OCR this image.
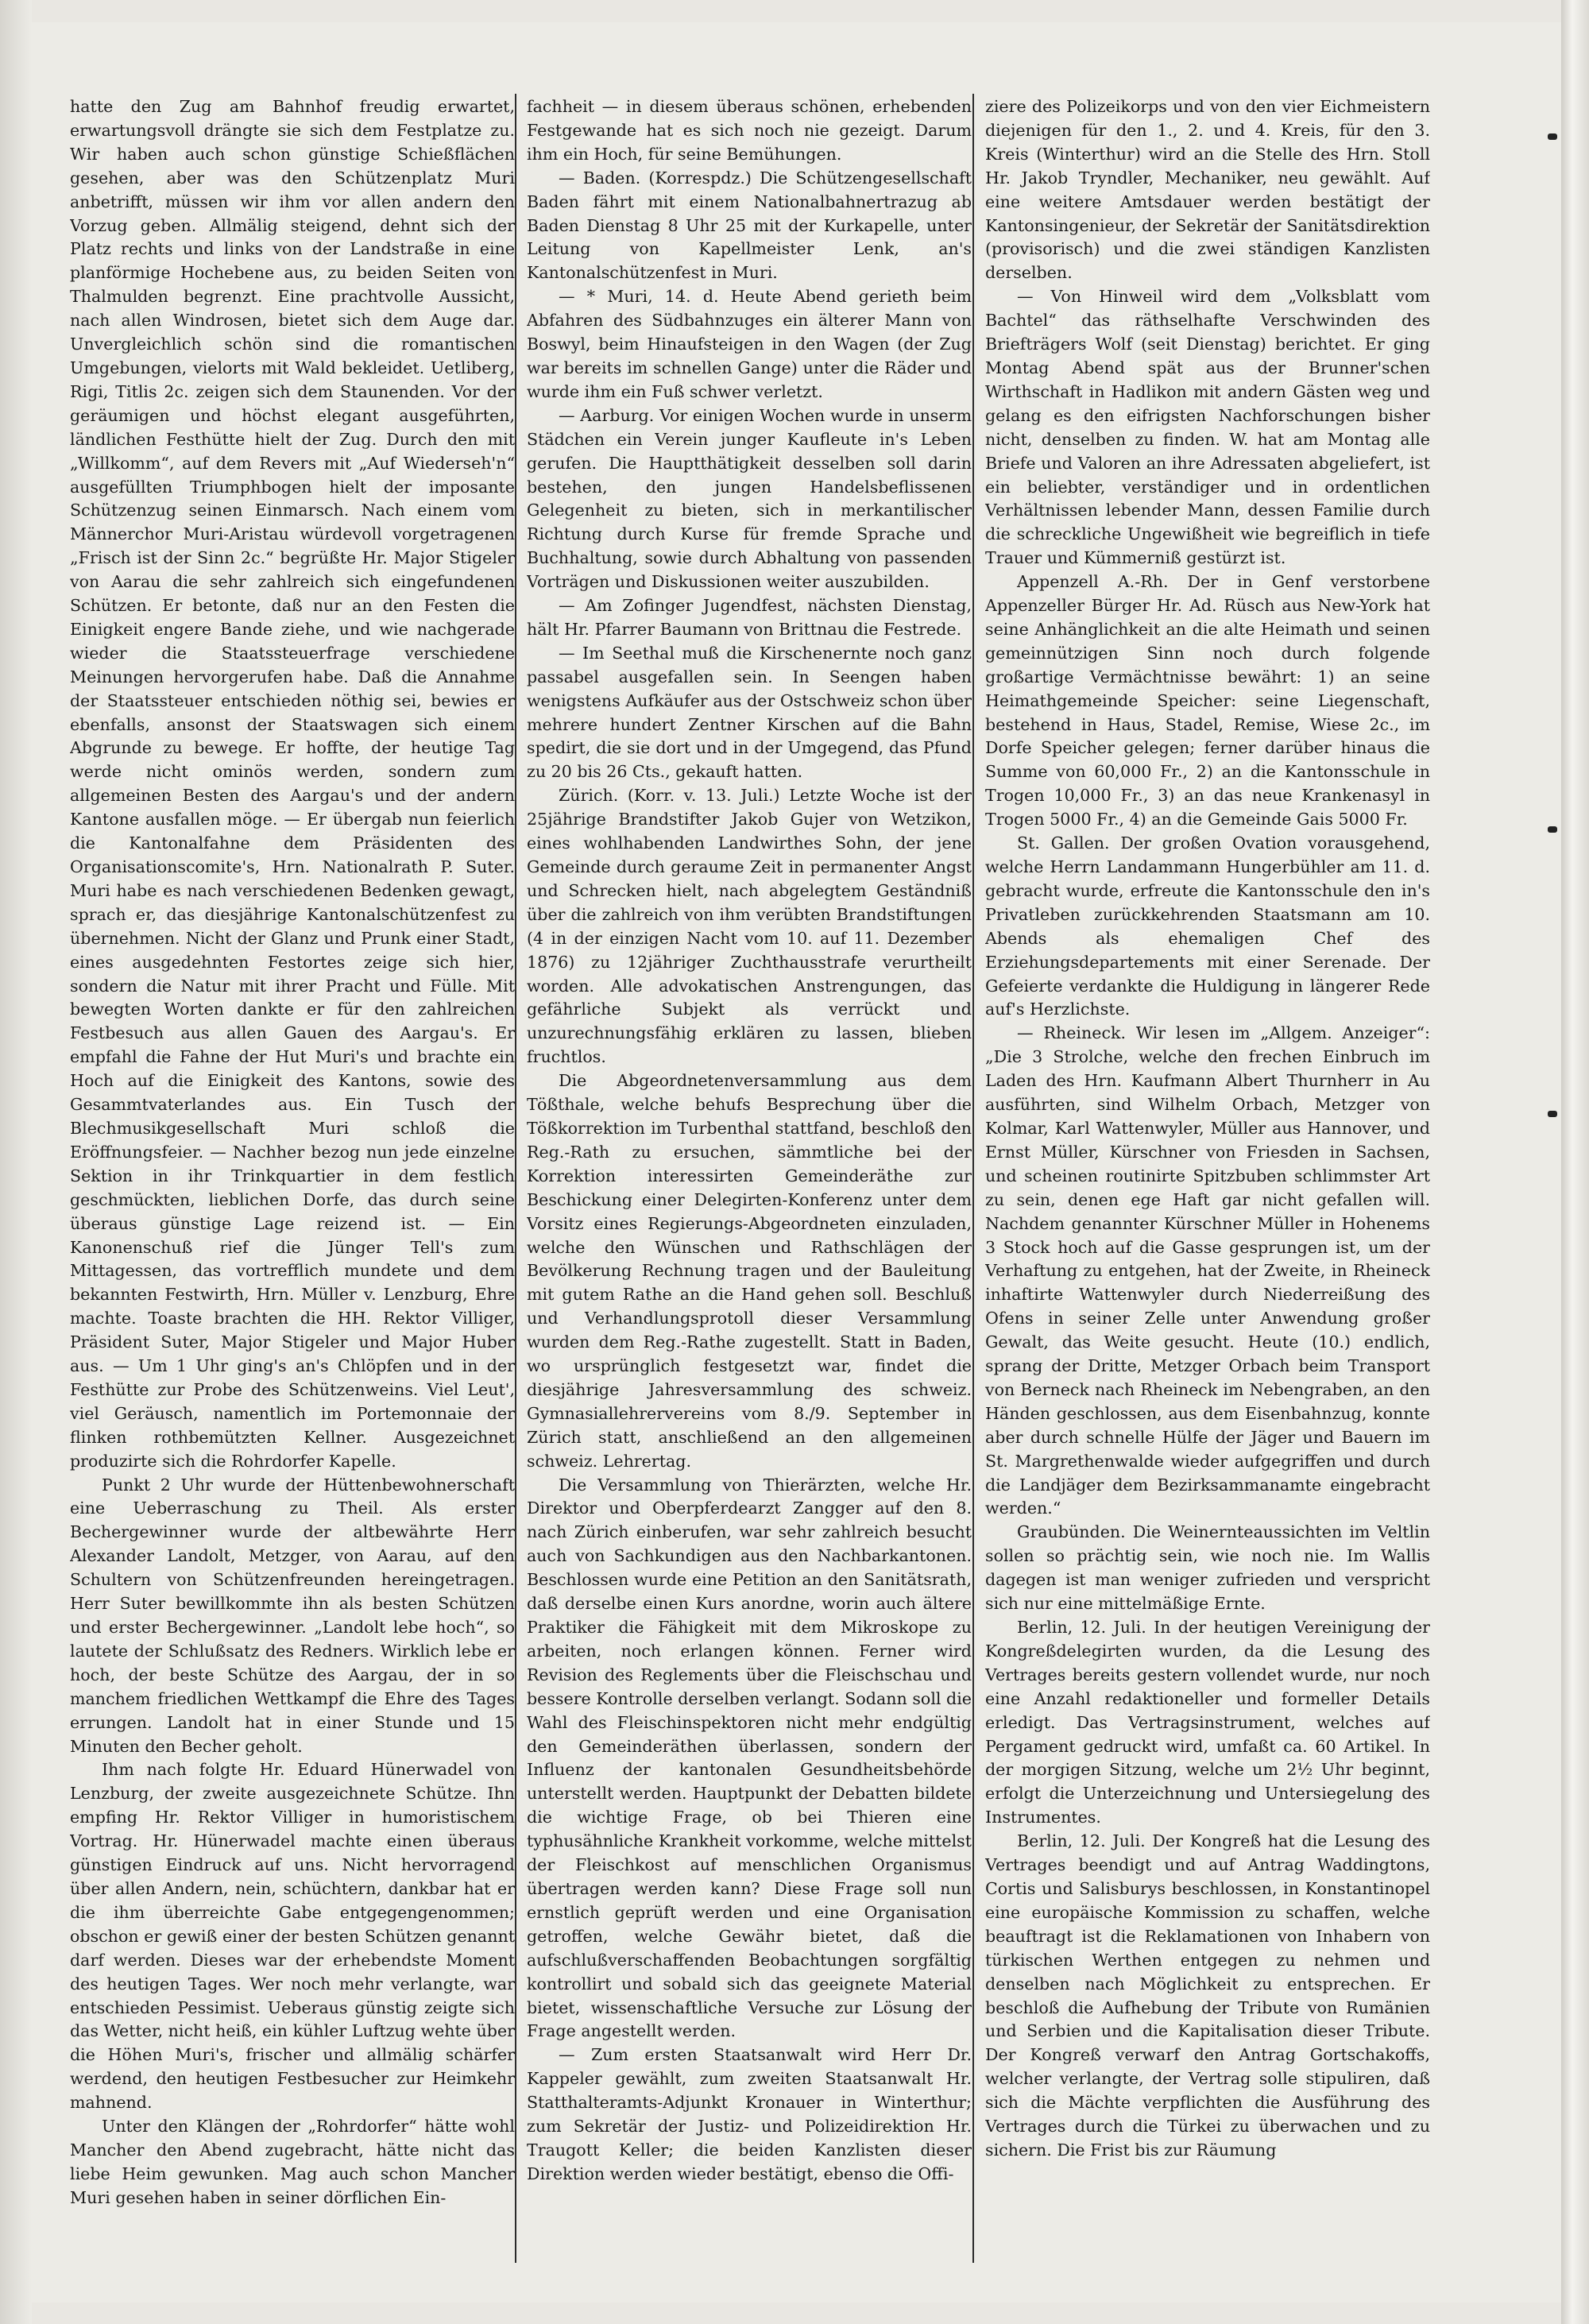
hatte den Zug am Bahnhof freudig erwartet, erwartungsvoll drängte sie sich dem Festplatze zu. Wir haben auch schon günstige Schießflächen gesehen, aber was den Schützenplatz Muri anbetrifft, müssen wir ihm vor allen andern den Vorzug geben. Allmälig steigend, dehnt sich der Platz rechts und links von der Landstraße in eine planförmige Hochebene aus, zu beiden Seiten von Thalmulden begrenzt. Eine prachtvolle Aussicht, nach allen Windrosen, bietet sich dem Auge dar. Unvergleichlich schön sind die romantischen Umgebungen, vielorts mit Wald bekleidet. Uetliberg, Rigi, Titlis 2c. zeigen sich dem Staunenden. Vor der geräumigen und höchst elegant ausgeführten, ländlichen Festhütte hielt der Zug. Durch den mit „Willkomm“, auf dem Revers mit „Auf Wiederseh'n“ ausgefüllten Triumphbogen hielt der imposante Schützenzug seinen Einmarsch. Nach einem vom Männerchor Muri-Aristau würdevoll vorgetragenen „Frisch ist der Sinn 2c.“ begrüßte Hr. Major Stigeler von Aarau die sehr zahlreich sich eingefundenen Schützen. Er betonte, daß nur an den Festen die Einigkeit engere Bande ziehe, und wie nachgerade wieder die Staatssteuerfrage verschiedene Meinungen hervorgerufen habe. Daß die Annahme der Staatssteuer entschieden nöthig sei, bewies er ebenfalls, ansonst der Staatswagen sich einem Abgrunde zu bewege. Er hoffte, der heutige Tag werde nicht ominös werden, sondern zum allgemeinen Besten des Aargau's und der andern Kantone ausfallen möge. — Er übergab nun feierlich die Kantonalfahne dem Präsidenten des Organisationscomite's, Hrn. Nationalrath P. Suter. Muri habe es nach verschiedenen Bedenken gewagt, sprach er, das diesjährige Kantonalschützenfest zu übernehmen. Nicht der Glanz und Prunk einer Stadt, eines ausgedehnten Festortes zeige sich hier, sondern die Natur mit ihrer Pracht und Fülle. Mit bewegten Worten dankte er für den zahlreichen Festbesuch aus allen Gauen des Aargau's. Er empfahl die Fahne der Hut Muri's und brachte ein Hoch auf die Einigkeit des Kantons, sowie des Gesammtvaterlandes aus. Ein Tusch der Blechmusikgesellschaft Muri schloß die Eröffnungsfeier. — Nachher bezog nun jede einzelne Sektion in ihr Trinkquartier in dem festlich geschmückten, lieblichen Dorfe, das durch seine überaus günstige Lage reizend ist. — Ein Kanonenschuß rief die Jünger Tell's zum Mittagessen, das vortrefflich mundete und dem bekannten Festwirth, Hrn. Müller v. Lenzburg, Ehre machte. Toaste brachten die HH. Rektor Villiger, Präsident Suter, Major Stigeler und Major Huber aus. — Um 1 Uhr ging's an's Chlöpfen und in der Festhütte zur Probe des Schützenweins. Viel Leut', viel Geräusch, namentlich im Portemonnaie der flinken rothbemützten Kellner. Ausgezeichnet produzirte sich die Rohrdorfer Kapelle.

Punkt 2 Uhr wurde der Hüttenbewohnerschaft eine Ueberraschung zu Theil. Als erster Bechergewinner wurde der altbewährte Herr Alexander Landolt, Metzger, von Aarau, auf den Schultern von Schützenfreunden hereingetragen. Herr Suter bewillkommte ihn als besten Schützen und erster Bechergewinner. „Landolt lebe hoch“, so lautete der Schlußsatz des Redners. Wirklich lebe er hoch, der beste Schütze des Aargau, der in so manchem friedlichen Wettkampf die Ehre des Tages errungen. Landolt hat in einer Stunde und 15 Minuten den Becher geholt.

Ihm nach folgte Hr. Eduard Hünerwadel von Lenzburg, der zweite ausgezeichnete Schütze. Ihn empfing Hr. Rektor Villiger in humoristischem Vortrag. Hr. Hünerwadel machte einen überaus günstigen Eindruck auf uns. Nicht hervorragend über allen Andern, nein, schüchtern, dankbar hat er die ihm überreichte Gabe entgegengenommen; obschon er gewiß einer der besten Schützen genannt darf werden. Dieses war der erhebendste Moment des heutigen Tages. Wer noch mehr verlangte, war entschieden Pessimist. Ueberaus günstig zeigte sich das Wetter, nicht heiß, ein kühler Luftzug wehte über die Höhen Muri's, frischer und allmälig schärfer werdend, den heutigen Festbesucher zur Heimkehr mahnend.

Unter den Klängen der „Rohrdorfer“ hätte wohl Mancher den Abend zugebracht, hätte nicht das liebe Heim gewunken. Mag auch schon Mancher Muri gesehen haben in seiner dörflichen Ein-

fachheit — in diesem überaus schönen, erhebenden Festgewande hat es sich noch nie gezeigt. Darum ihm ein Hoch, für seine Bemühungen.

— Baden. (Korrespdz.) Die Schützengesellschaft Baden fährt mit einem Nationalbahnertrazug ab Baden Dienstag 8 Uhr 25 mit der Kurkapelle, unter Leitung von Kapellmeister Lenk, an's Kantonalschützenfest in Muri.

— * Muri, 14. d. Heute Abend gerieth beim Abfahren des Südbahnzuges ein älterer Mann von Boswyl, beim Hinaufsteigen in den Wagen (der Zug war bereits im schnellen Gange) unter die Räder und wurde ihm ein Fuß schwer verletzt.

— Aarburg. Vor einigen Wochen wurde in unserm Städchen ein Verein junger Kaufleute in's Leben gerufen. Die Hauptthätigkeit desselben soll darin bestehen, den jungen Handelsbeflissenen Gelegenheit zu bieten, sich in merkantilischer Richtung durch Kurse für fremde Sprache und Buchhaltung, sowie durch Abhaltung von passenden Vorträgen und Diskussionen weiter auszubilden.

— Am Zofinger Jugendfest, nächsten Dienstag, hält Hr. Pfarrer Baumann von Brittnau die Festrede.

— Im Seethal muß die Kirschenernte noch ganz passabel ausgefallen sein. In Seengen haben wenigstens Aufkäufer aus der Ostschweiz schon über mehrere hundert Zentner Kirschen auf die Bahn spedirt, die sie dort und in der Umgegend, das Pfund zu 20 bis 26 Cts., gekauft hatten.

Zürich. (Korr. v. 13. Juli.) Letzte Woche ist der 25jährige Brandstifter Jakob Gujer von Wetzikon, eines wohlhabenden Landwirthes Sohn, der jene Gemeinde durch geraume Zeit in permanenter Angst und Schrecken hielt, nach abgelegtem Geständniß über die zahlreich von ihm verübten Brandstiftungen (4 in der einzigen Nacht vom 10. auf 11. Dezember 1876) zu 12jähriger Zuchthausstrafe verurtheilt worden. Alle advokatischen Anstrengungen, das gefährliche Subjekt als verrückt und unzurechnungsfähig erklären zu lassen, blieben fruchtlos.

Die Abgeordnetenversammlung aus dem Tößthale, welche behufs Besprechung über die Tößkorrektion im Turbenthal stattfand, beschloß den Reg.-Rath zu ersuchen, sämmtliche bei der Korrektion interessirten Gemeinderäthe zur Beschickung einer Delegirten-Konferenz unter dem Vorsitz eines Regierungs-Abgeordneten einzuladen, welche den Wünschen und Rathschlägen der Bevölkerung Rechnung tragen und der Bauleitung mit gutem Rathe an die Hand gehen soll. Beschluß und Verhandlungsprotoll dieser Versammlung wurden dem Reg.-Rathe zugestellt. Statt in Baden, wo ursprünglich festgesetzt war, findet die diesjährige Jahresversammlung des schweiz. Gymnasiallehrervereins vom 8./9. September in Zürich statt, anschließend an den allgemeinen schweiz. Lehrertag.

Die Versammlung von Thierärzten, welche Hr. Direktor und Oberpferdearzt Zangger auf den 8. nach Zürich einberufen, war sehr zahlreich besucht auch von Sachkundigen aus den Nachbarkantonen. Beschlossen wurde eine Petition an den Sanitätsrath, daß derselbe einen Kurs anordne, worin auch ältere Praktiker die Fähigkeit mit dem Mikroskope zu arbeiten, noch erlangen können. Ferner wird Revision des Reglements über die Fleischschau und bessere Kontrolle derselben verlangt. Sodann soll die Wahl des Fleischinspektoren nicht mehr endgültig den Gemeinderäthen überlassen, sondern der Influenz der kantonalen Gesundheitsbehörde unterstellt werden. Hauptpunkt der Debatten bildete die wichtige Frage, ob bei Thieren eine typhusähnliche Krankheit vorkomme, welche mittelst der Fleischkost auf menschlichen Organismus übertragen werden kann? Diese Frage soll nun ernstlich geprüft werden und eine Organisation getroffen, welche Gewähr bietet, daß die aufschlußverschaffenden Beobachtungen sorgfältig kontrollirt und sobald sich das geeignete Material bietet, wissenschaftliche Versuche zur Lösung der Frage angestellt werden.

— Zum ersten Staatsanwalt wird Herr Dr. Kappeler gewählt, zum zweiten Staatsanwalt Hr. Statthalteramts-Adjunkt Kronauer in Winterthur; zum Sekretär der Justiz- und Polizeidirektion Hr. Traugott Keller; die beiden Kanzlisten dieser Direktion werden wieder bestätigt, ebenso die Offi-

ziere des Polizeikorps und von den vier Eichmeistern diejenigen für den 1., 2. und 4. Kreis, für den 3. Kreis (Winterthur) wird an die Stelle des Hrn. Stoll Hr. Jakob Tryndler, Mechaniker, neu gewählt. Auf eine weitere Amtsdauer werden bestätigt der Kantonsingenieur, der Sekretär der Sanitätsdirektion (provisorisch) und die zwei ständigen Kanzlisten derselben.

— Von Hinweil wird dem „Volksblatt vom Bachtel“ das räthselhafte Verschwinden des Briefträgers Wolf (seit Dienstag) berichtet. Er ging Montag Abend spät aus der Brunner'schen Wirthschaft in Hadlikon mit andern Gästen weg und gelang es den eifrigsten Nachforschungen bisher nicht, denselben zu finden. W. hat am Montag alle Briefe und Valoren an ihre Adressaten abgeliefert, ist ein beliebter, verständiger und in ordentlichen Verhältnissen lebender Mann, dessen Familie durch die schreckliche Ungewißheit wie begreiflich in tiefe Trauer und Kümmerniß gestürzt ist.

Appenzell A.-Rh. Der in Genf verstorbene Appenzeller Bürger Hr. Ad. Rüsch aus New-York hat seine Anhänglichkeit an die alte Heimath und seinen gemeinnützigen Sinn noch durch folgende großartige Vermächtnisse bewährt: 1) an seine Heimathgemeinde Speicher: seine Liegenschaft, bestehend in Haus, Stadel, Remise, Wiese 2c., im Dorfe Speicher gelegen; ferner darüber hinaus die Summe von 60,000 Fr., 2) an die Kantonsschule in Trogen 10,000 Fr., 3) an das neue Krankenasyl in Trogen 5000 Fr., 4) an die Gemeinde Gais 5000 Fr.

St. Gallen. Der großen Ovation vorausgehend, welche Herrn Landammann Hungerbühler am 11. d. gebracht wurde, erfreute die Kantonsschule den in's Privatleben zurückkehrenden Staatsmann am 10. Abends als ehemaligen Chef des Erziehungsdepartements mit einer Serenade. Der Gefeierte verdankte die Huldigung in längerer Rede auf's Herzlichste.

— Rheineck. Wir lesen im „Allgem. Anzeiger“: „Die 3 Strolche, welche den frechen Einbruch im Laden des Hrn. Kaufmann Albert Thurnherr in Au ausführten, sind Wilhelm Orbach, Metzger von Kolmar, Karl Wattenwyler, Müller aus Hannover, und Ernst Müller, Kürschner von Friesden in Sachsen, und scheinen routinirte Spitzbuben schlimmster Art zu sein, denen ege Haft gar nicht gefallen will. Nachdem genannter Kürschner Müller in Hohenems 3 Stock hoch auf die Gasse gesprungen ist, um der Verhaftung zu entgehen, hat der Zweite, in Rheineck inhaftirte Wattenwyler durch Niederreißung des Ofens in seiner Zelle unter Anwendung großer Gewalt, das Weite gesucht. Heute (10.) endlich, sprang der Dritte, Metzger Orbach beim Transport von Berneck nach Rheineck im Nebengraben, an den Händen geschlossen, aus dem Eisenbahnzug, konnte aber durch schnelle Hülfe der Jäger und Bauern im St. Margrethenwalde wieder aufgegriffen und durch die Landjäger dem Bezirksammanamte eingebracht werden.“

Graubünden. Die Weinernteaussichten im Veltlin sollen so prächtig sein, wie noch nie. Im Wallis dagegen ist man weniger zufrieden und verspricht sich nur eine mittelmäßige Ernte.

Berlin, 12. Juli. In der heutigen Vereinigung der Kongreßdelegirten wurden, da die Lesung des Vertrages bereits gestern vollendet wurde, nur noch eine Anzahl redaktioneller und formeller Details erledigt. Das Vertragsinstrument, welches auf Pergament gedruckt wird, umfaßt ca. 60 Artikel. In der morgigen Sitzung, welche um 2½ Uhr beginnt, erfolgt die Unterzeichnung und Untersiegelung des Instrumentes.

Berlin, 12. Juli. Der Kongreß hat die Lesung des Vertrages beendigt und auf Antrag Waddingtons, Cortis und Salisburys beschlossen, in Konstantinopel eine europäische Kommission zu schaffen, welche beauftragt ist die Reklamationen von Inhabern von türkischen Werthen entgegen zu nehmen und denselben nach Möglichkeit zu entsprechen. Er beschloß die Aufhebung der Tribute von Rumänien und Serbien und die Kapitalisation dieser Tribute. Der Kongreß verwarf den Antrag Gortschakoffs, welcher verlangte, der Vertrag solle stipuliren, daß sich die Mächte verpflichten die Ausführung des Vertrages durch die Türkei zu überwachen und zu sichern. Die Frist bis zur Räumung
